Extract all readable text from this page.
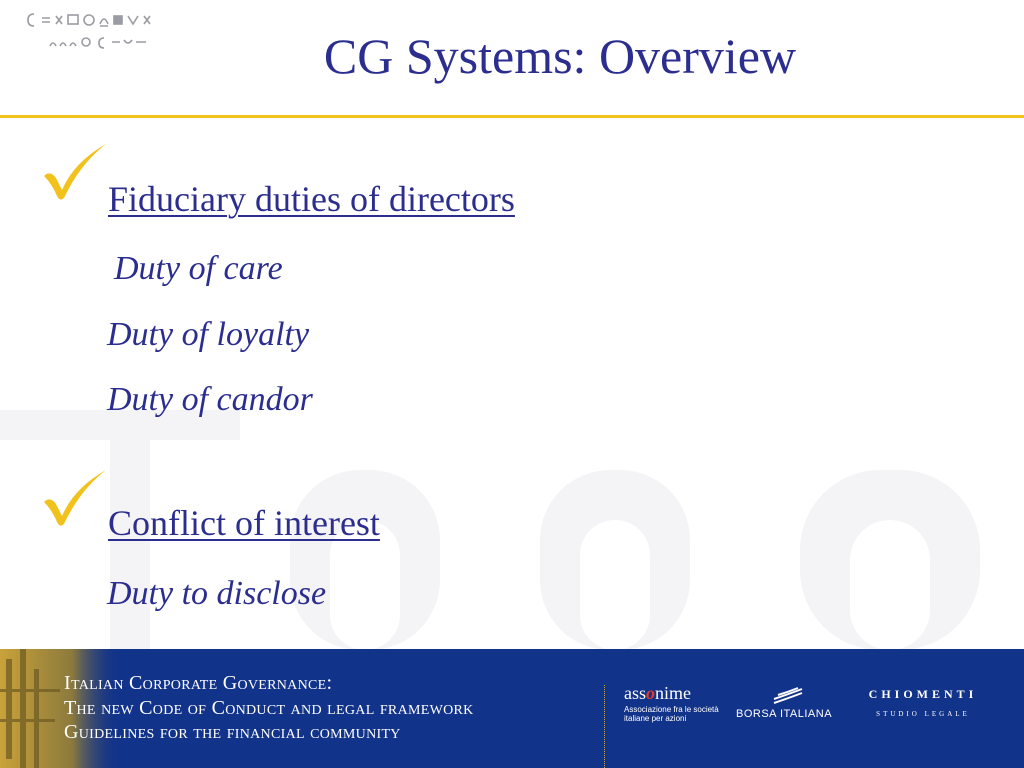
CG Systems: Overview
Fiduciary duties of directors
Duty of care
Duty of loyalty
Duty of candor
Conflict of interest
Duty to disclose
Italian Corporate Governance:
The new Code of Conduct and legal framework
Guidelines for the financial community
assonime
Associazione fra le società
italiane per azioni	BORSA ITALIANA
CHIOMENTI
STUDIO LEGALE
